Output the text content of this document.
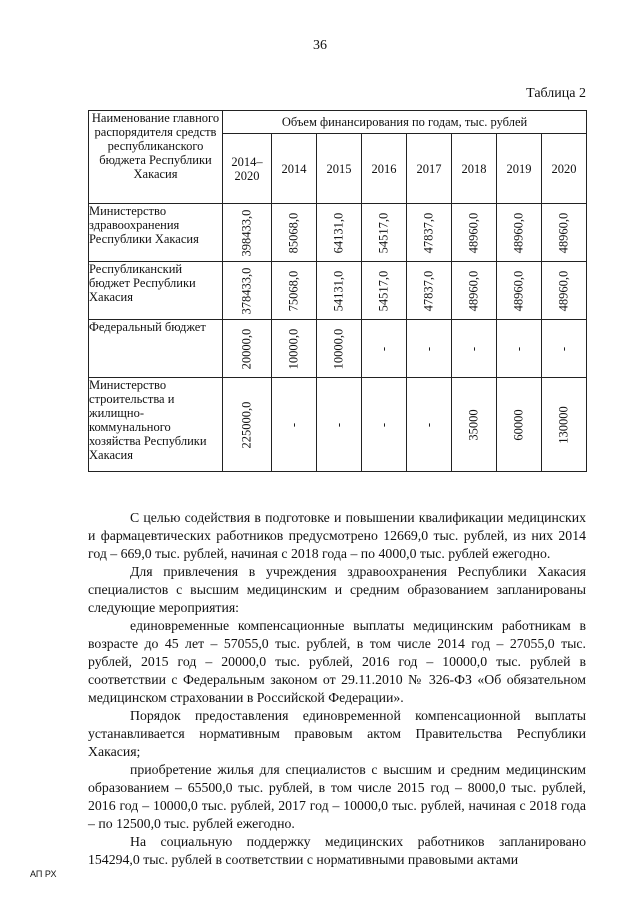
36
Таблица 2
Наименование главного распорядителя средств республиканского бюджета Республики Хакасия	Объем финансирования по годам, тыс. рублей							
	2014–2020	2014	2015	2016	2017	2018	2019	2020
Министерство здравоохранения Республики Хакасия	398433,0	85068,0	64131,0	54517,0	47837,0	48960,0	48960,0	48960,0

Республиканский бюджет Республики Хакасия	378433,0	75068,0	54131,0	54517,0	47837,0	48960,0	48960,0	48960,0

Федеральный бюджет	20000,0	10000,0	10000,0	-	-	-	-	-

Министерство строительства и жилищно-коммунального хозяйства Республики Хакасия	225000,0	-	-	-	-	35000	60000	130000

С целью содействия в подготовке и повышении квалификации медицинских и фармацевтических работников предусмотрено 12669,0 тыс. рублей, из них 2014 год – 669,0 тыс. рублей, начиная с 2018 года – по 4000,0 тыс. рублей ежегодно.

Для привлечения в учреждения здравоохранения Республики Хакасия специалистов с высшим медицинским и средним образованием запланированы следующие мероприятия:

единовременные компенсационные выплаты медицинским работникам в возрасте до 45 лет – 57055,0 тыс. рублей, в том числе 2014 год – 27055,0 тыс. рублей, 2015 год – 20000,0 тыс. рублей, 2016 год – 10000,0 тыс. рублей в соответствии с Федеральным законом от 29.11.2010 № 326-ФЗ «Об обязательном медицинском страховании в Российской Федерации».

Порядок предоставления единовременной компенсационной выплаты устанавливается нормативным правовым актом Правительства Республики Хакасия;

приобретение жилья для специалистов с высшим и средним медицинским образованием – 65500,0 тыс. рублей, в том числе 2015 год – 8000,0 тыс. рублей, 2016 год – 10000,0 тыс. рублей, 2017 год – 10000,0 тыс. рублей, начиная с 2018 года – по 12500,0 тыс. рублей ежегодно.

На социальную поддержку медицинских работников запланировано 154294,0 тыс. рублей в соответствии с нормативными правовыми актами

АП РХ
